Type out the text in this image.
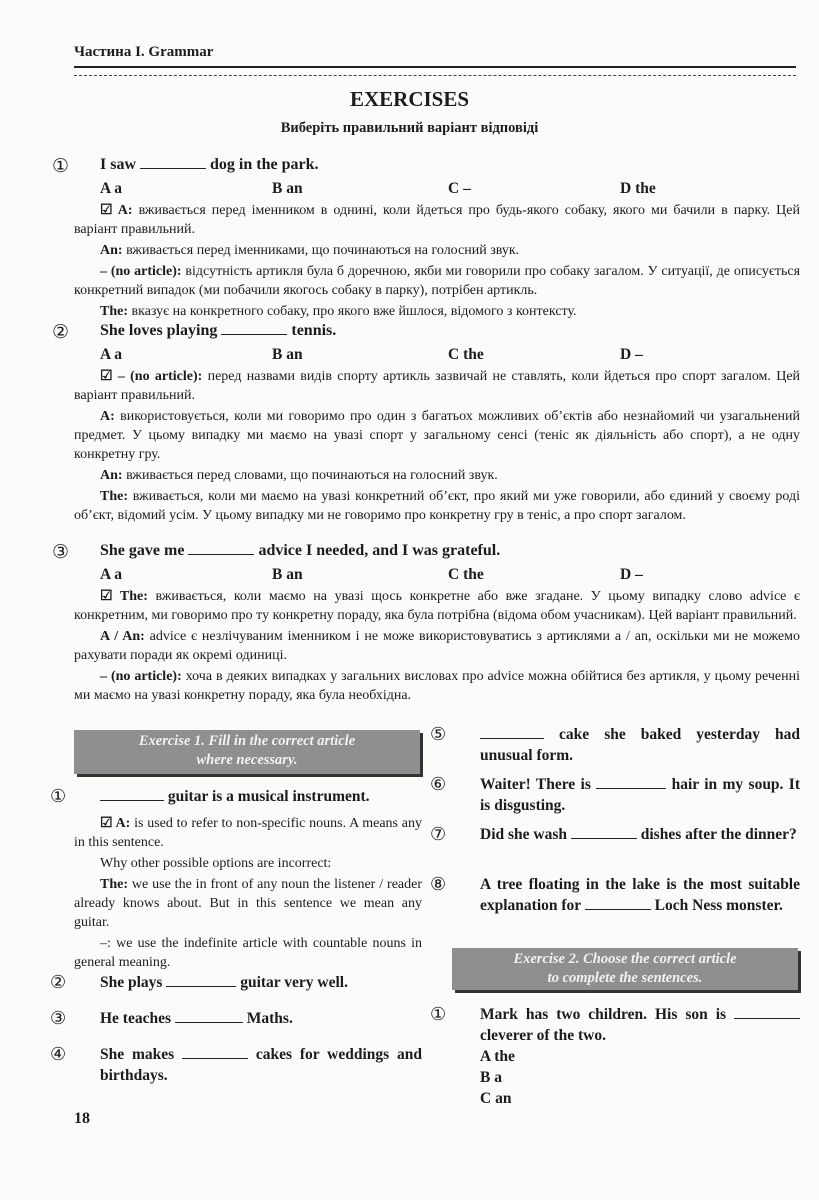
Частина I. Grammar
EXERCISES
Виберіть правильний варіант відповіді
① I saw	dog in the park.
A a	B an	C –	D the

☑ A: вживається перед іменником в однині, коли йдеться про будь-якого собаку, якого ми бачили в парку. Цей варіант правильний.

An: вживається перед іменниками, що починаються на голосний звук.

– (no article): відсутність артикля була б доречною, якби ми говорили про собаку загалом. У ситуації, де описується конкретний випадок (ми побачили якогось собаку в парку), потрібен артикль.

The: вказує на конкретного собаку, про якого вже йшлося, відомого з контексту.

② She loves playing	tennis.
A a	B an	C the	D –

☑ – (no article): перед назвами видів спорту артикль зазвичай не ставлять, коли йдеться про спорт загалом. Цей варіант правильний.

A: використовується, коли ми говоримо про один з багатьох можливих об’єктів або незнайомий чи узагальнений предмет. У цьому випадку ми маємо на увазі спорт у загальному сенсі (теніс як діяльність або спорт), а не одну конкретну гру.

An: вживається перед словами, що починаються на голосний звук.

The: вживається, коли ми маємо на увазі конкретний об’єкт, про який ми уже говорили, або єдиний у своєму роді об’єкт, відомий усім. У цьому випадку ми не говоримо про конкретну гру в теніс, а про спорт загалом.

③ She gave me	advice I needed, and I was grateful.
A a	B an	C the	D –

☑ The: вживається, коли маємо на увазі щось конкретне або вже згадане. У цьому випадку слово advice є конкретним, ми говоримо про ту конкретну пораду, яка була потрібна (відома обом учасникам). Цей варіант правильний.

A / An: advice є незлічуваним іменником і не може використовуватись з артиклями a / an, оскільки ми не можемо рахувати поради як окремі одиниці.

– (no article): хоча в деяких випадках у загальних висловах про advice можна обійтися без артикля, у цьому реченні ми маємо на увазі конкретну пораду, яка була необхідна.

Exercise 1. Fill in the correct article
where necessary.
①	guitar is a musical instrument.

☑ A: is used to refer to non-specific nouns. A means any in this sentence.

Why other possible options are incorrect:

The: we use the in front of any noun the listener / reader already knows about. But in this sentence we mean any guitar.

–: we use the indefinite article with countable nouns in general meaning.

② She plays	guitar very well.
③ He teaches	Maths.
④ She makes	cakes for weddings and birthdays.
⑤	cake she baked yesterday had unusual form.
⑥ Waiter! There is	hair in my soup. It is disgusting.
⑦ Did she wash	dishes after the dinner?
⑧ A tree floating in the lake is the most suitable explanation for	Loch Ness monster.
Exercise 2. Choose the correct article
to complete the sentences.
① Mark has two children. His son is  cleverer of the two.
A the
B a
C an
18
